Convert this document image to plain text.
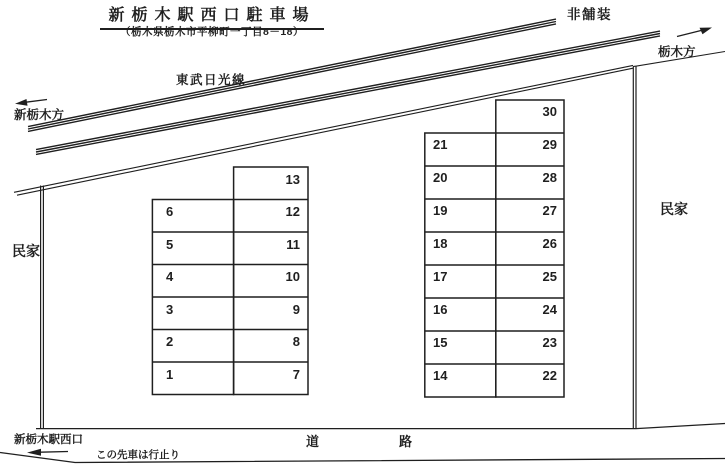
新栃木駅西口駐車場
（栃木県栃木市平柳町一丁目8－18）
非舗装
栃木方
東武日光線
新栃木方
民家
民家
新栃木駅西口
この先車は行止り
道路
6
5
4
3
2
1
13
12
11
10
9
8
7
21
20
19
18
17
16
15
14
30
29
28
27
26
25
24
23
22
